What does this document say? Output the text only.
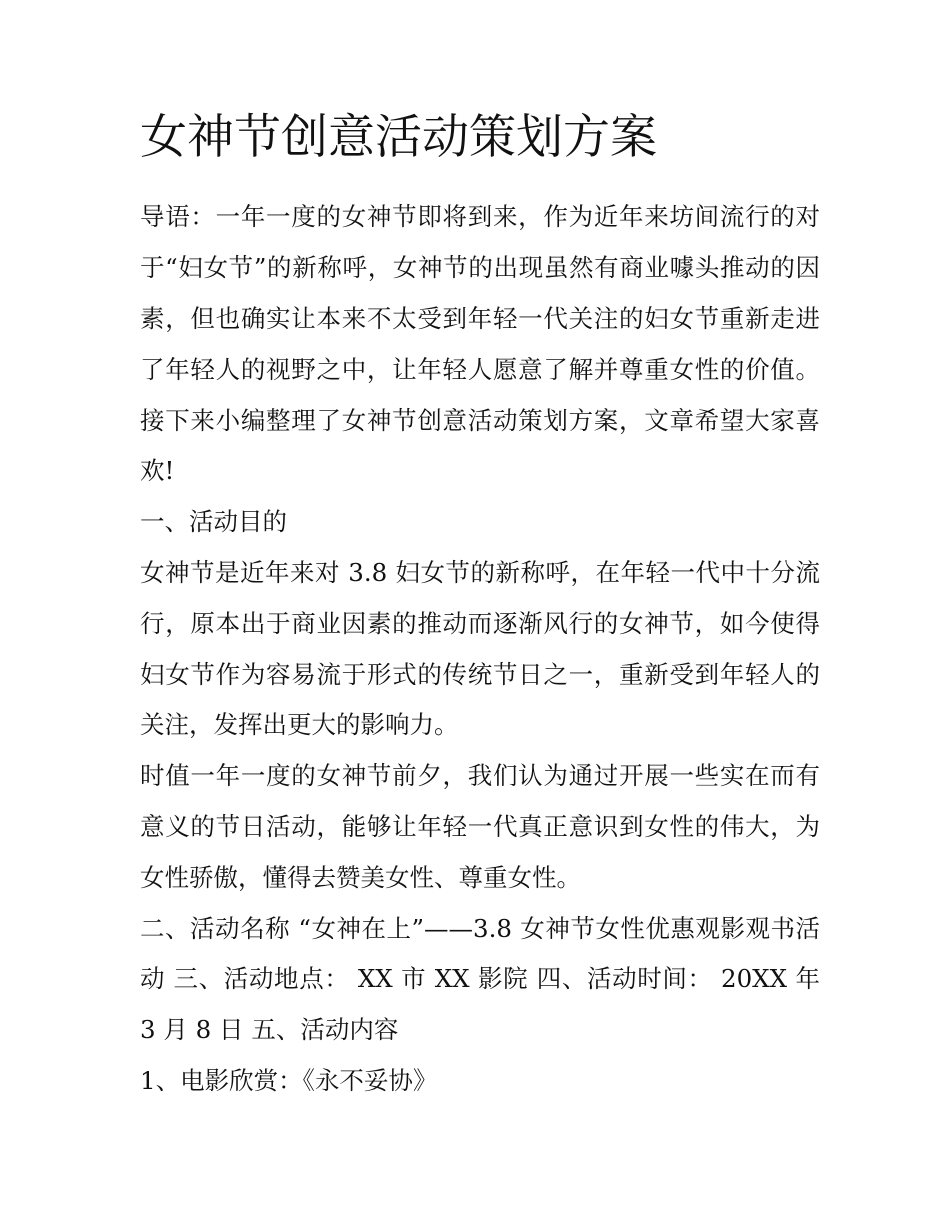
女神节创意活动策划方案

导语：一年一度的女神节即将到来，作为近年来坊间流行的对于“妇女节”的新称呼，女神节的出现虽然有商业噱头推动的因素，但也确实让本来不太受到年轻一代关注的妇女节重新走进了年轻人的视野之中，让年轻人愿意了解并尊重女性的价值。接下来小编整理了女神节创意活动策划方案，文章希望大家喜欢!

一、活动目的

女神节是近年来对 3.8 妇女节的新称呼，在年轻一代中十分流行，原本出于商业因素的推动而逐渐风行的女神节，如今使得妇女节作为容易流于形式的传统节日之一，重新受到年轻人的关注，发挥出更大的影响力。

时值一年一度的女神节前夕，我们认为通过开展一些实在而有意义的节日活动，能够让年轻一代真正意识到女性的伟大，为女性骄傲，懂得去赞美女性、尊重女性。

二、活动名称 “女神在上”——3.8 女神节女性优惠观影观书活动 三、活动地点： XX 市 XX 影院 四、活动时间： 20XX 年 3 月 8 日 五、活动内容

1、电影欣赏：《永不妥协》
